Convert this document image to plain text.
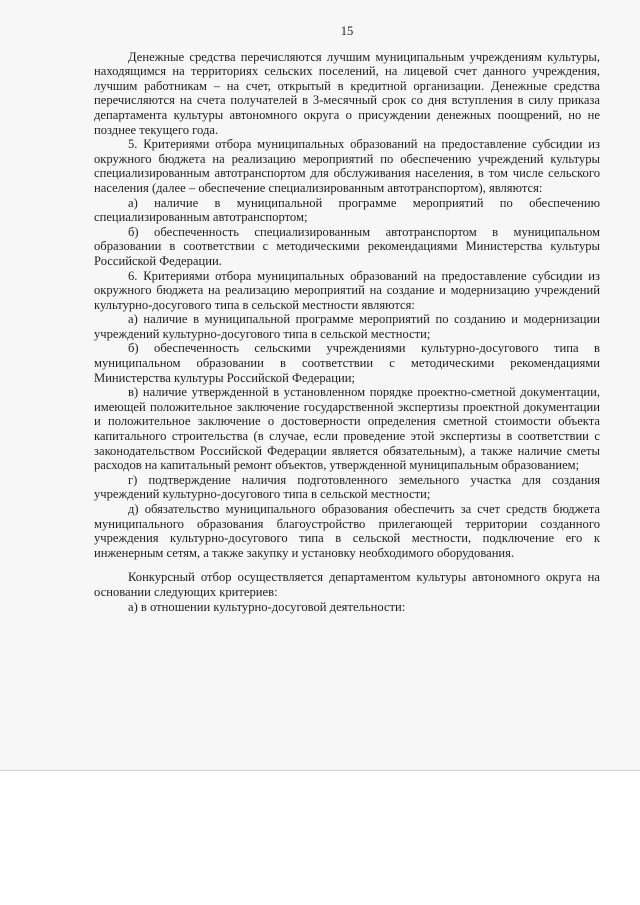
15

Денежные средства перечисляются лучшим муниципальным учреждениям культуры, находящимся на территориях сельских поселений, на лицевой счет данного учреждения, лучшим работникам – на счет, открытый в кредитной организации. Денежные средства перечисляются на счета получателей в 3-месячный срок со дня вступления в силу приказа департамента культуры автономного округа о присуждении денежных поощрений, но не позднее текущего года.

5. Критериями отбора муниципальных образований на предоставление субсидии из окружного бюджета на реализацию мероприятий по обеспечению учреждений культуры специализированным автотранспортом для обслуживания населения, в том числе сельского населения (далее – обеспечение специализированным автотранспортом), являются:

а) наличие в муниципальной программе мероприятий по обеспечению специализированным автотранспортом;

б) обеспеченность специализированным автотранспортом в муниципальном образовании в соответствии с методическими рекомендациями Министерства культуры Российской Федерации.

6. Критериями отбора муниципальных образований на предоставление субсидии из окружного бюджета на реализацию мероприятий на создание и модернизацию учреждений культурно-досугового типа в сельской местности являются:

а) наличие в муниципальной программе мероприятий по созданию и модернизации учреждений культурно-досугового типа в сельской местности;

б) обеспеченность сельскими учреждениями культурно-досугового типа в муниципальном образовании в соответствии с методическими рекомендациями Министерства культуры Российской Федерации;

в) наличие утвержденной в установленном порядке проектно-сметной документации, имеющей положительное заключение государственной экспертизы проектной документации и положительное заключение о достоверности определения сметной стоимости объекта капитального строительства (в случае, если проведение этой экспертизы в соответствии с законодательством Российской Федерации является обязательным), а также наличие сметы расходов на капитальный ремонт объектов, утвержденной муниципальным образованием;

г) подтверждение наличия подготовленного земельного участка для создания учреждений культурно-досугового типа в сельской местности;

д) обязательство муниципального образования обеспечить за счет средств бюджета муниципального образования благоустройство прилегающей территории созданного учреждения культурно-досугового типа в сельской местности, подключение его к инженерным сетям, а также закупку и установку необходимого оборудования.

Конкурсный отбор осуществляется департаментом культуры автономного округа на основании следующих критериев:

а) в отношении культурно-досуговой деятельности:
